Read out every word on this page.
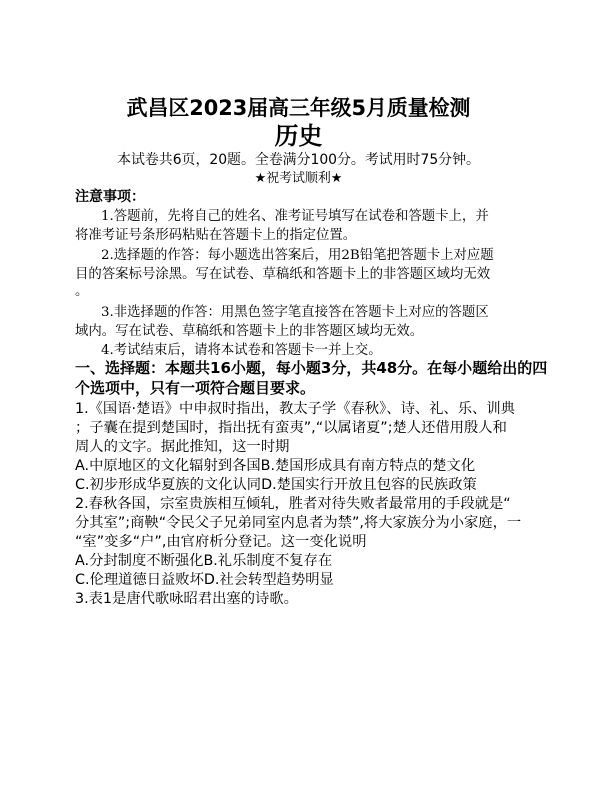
武昌区2023届高三年级5月质量检测
历史
本试卷共6页，20题。全卷满分100分。考试用时75分钟。
★祝考试顺利★
注意事项：
1.答题前，先将自己的姓名、准考证号填写在试卷和答题卡上，并
将准考证号条形码粘贴在答题卡上的指定位置。
2.选择题的作答：每小题选出答案后，用2B铅笔把答题卡上对应题
目的答案标号涂黑。写在试卷、草稿纸和答题卡上的非答题区域均无效
。
3.非选择题的作答：用黑色签字笔直接答在答题卡上对应的答题区
域内。写在试卷、草稿纸和答题卡上的非答题区域均无效。
4.考试结束后，请将本试卷和答题卡一并上交。
一、选择题：本题共16小题，每小题3分，共48分。在每小题给出的四
个选项中，只有一项符合题目要求。
1.《国语·楚语》中申叔时指出，教太子学《春秋》、诗、礼、乐、训典
；子囊在提到楚国时，指出抚有蛮夷”,“以属诸夏”;楚人还借用殷人和
周人的文字。据此推知，这一时期
A.中原地区的文化辐射到各国B.楚国形成具有南方特点的楚文化
C.初步形成华夏族的文化认同D.楚国实行开放且包容的民族政策
2.春秋各国，宗室贵族相互倾轧，胜者对待失败者最常用的手段就是“
分其室”;商鞅“令民父子兄弟同室内息者为禁”,将大家族分为小家庭，一
“室”变多“户”,由官府析分登记。这一变化说明
A.分封制度不断强化B.礼乐制度不复存在
C.伦理道德日益败坏D.社会转型趋势明显
3.表1是唐代歌咏昭君出塞的诗歌。
